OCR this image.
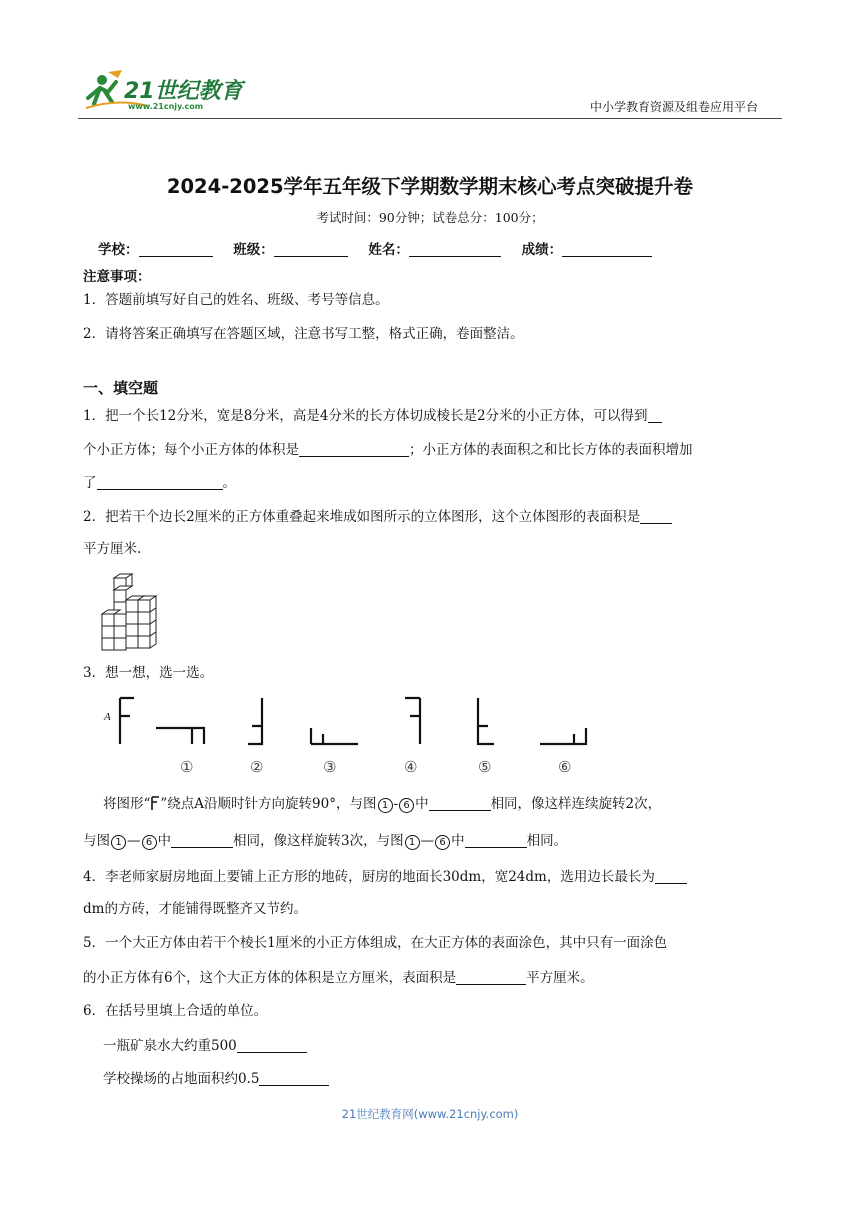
21世纪教育
www.21cnjy.com	中小学教育资源及组卷应用平台
2024-2025学年五年级下学期数学期末核心考点突破提升卷
考试时间：90分钟；试卷总分：100分；
学校：	班级：	姓名：	成绩：
注意事项：
1．答题前填写好自己的姓名、班级、考号等信息。
2．请将答案正确填写在答题区域，注意书写工整，格式正确，卷面整洁。
一、填空题
1．把一个长12分米，宽是8分米，高是4分米的长方体切成棱长是2分米的小正方体，可以得到
个小正方体；每个小正方体的体积是	；小正方体的表面积之和比长方体的表面积增加
了	。
2．把若干个边长2厘米的正方体重叠起来堆成如图所示的立体图形，这个立体图形的表面积是
平方厘米.
3．想一想，选一选。
A
①	②	③	④	⑤	⑥
将图形“ ”绕点A沿顺时针方向旋转90°，与图 1 - 6 中	相同，像这样连续旋转2次，
与图 1 — 6 中	相同，像这样旋转3次，与图 1 — 6 中	相同。
4．李老师家厨房地面上要铺上正方形的地砖，厨房的地面长30dm，宽24dm，选用边长最长为
dm的方砖，才能铺得既整齐又节约。
5．一个大正方体由若干个棱长1厘米的小正方体组成，在大正方体的表面涂色，其中只有一面涂色
的小正方体有6个，这个大正方体的体积是立方厘米，表面积是	平方厘米。
6．在括号里填上合适的单位。
一瓶矿泉水大约重500
学校操场的占地面积约0.5
21世纪教育网(www.21cnjy.com)
